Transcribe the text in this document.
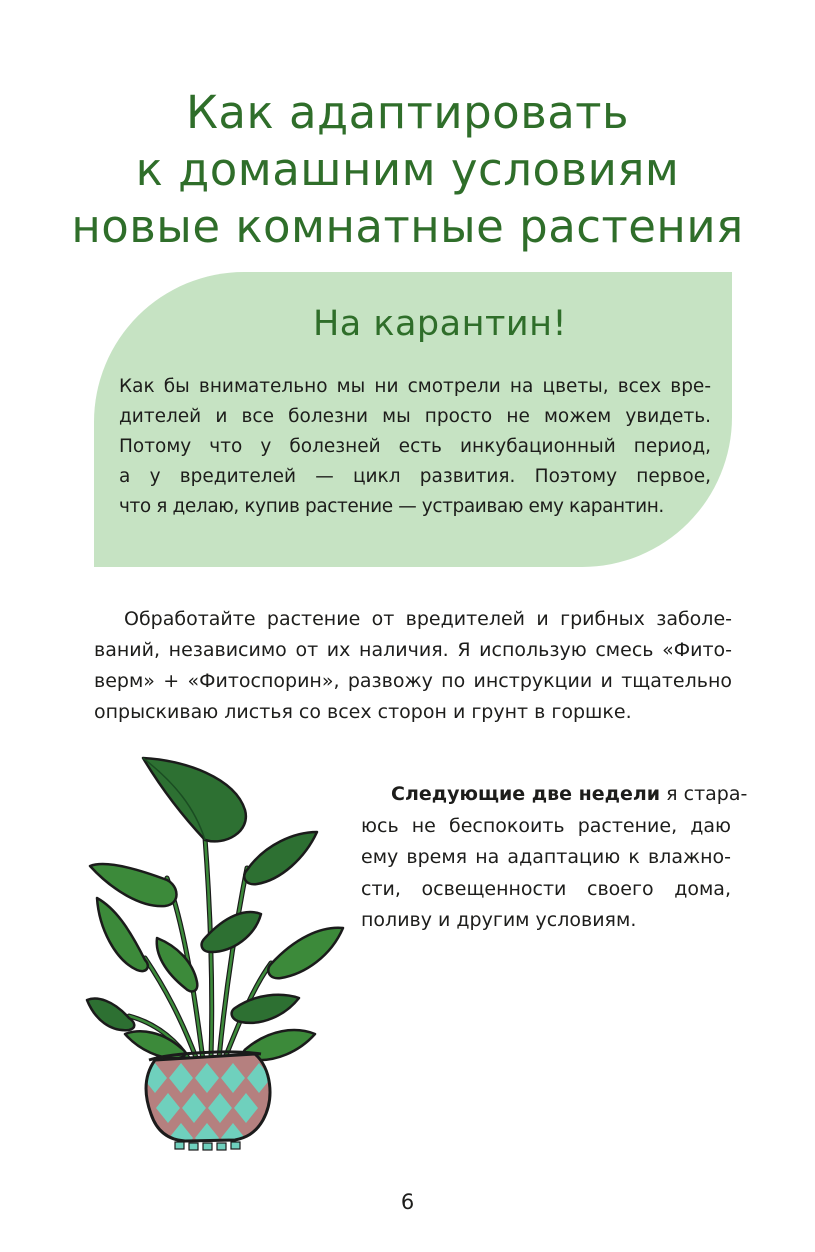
Как адаптировать
к домашним условиям
новые комнатные растения
На карантин!
Как бы внимательно мы ни смотрели на цветы, всех вре-
дителей и все болезни мы просто не можем увидеть.
Потому что у болезней есть инкубационный период,
а у вредителей — цикл развития. Поэтому первое,
что я делаю, купив растение — устраиваю ему карантин.
Обработайте растение от вредителей и грибных заболе-
ваний, независимо от их наличия. Я использую смесь «Фито-
верм» + «Фитоспорин», развожу по инструкции и тщательно
опрыскиваю листья со всех сторон и грунт в горшке.
Следующие две недели я стара-
юсь не беспокоить растение, даю
ему время на адаптацию к влажно-
сти, освещенности своего дома,
поливу и другим условиям.
6
